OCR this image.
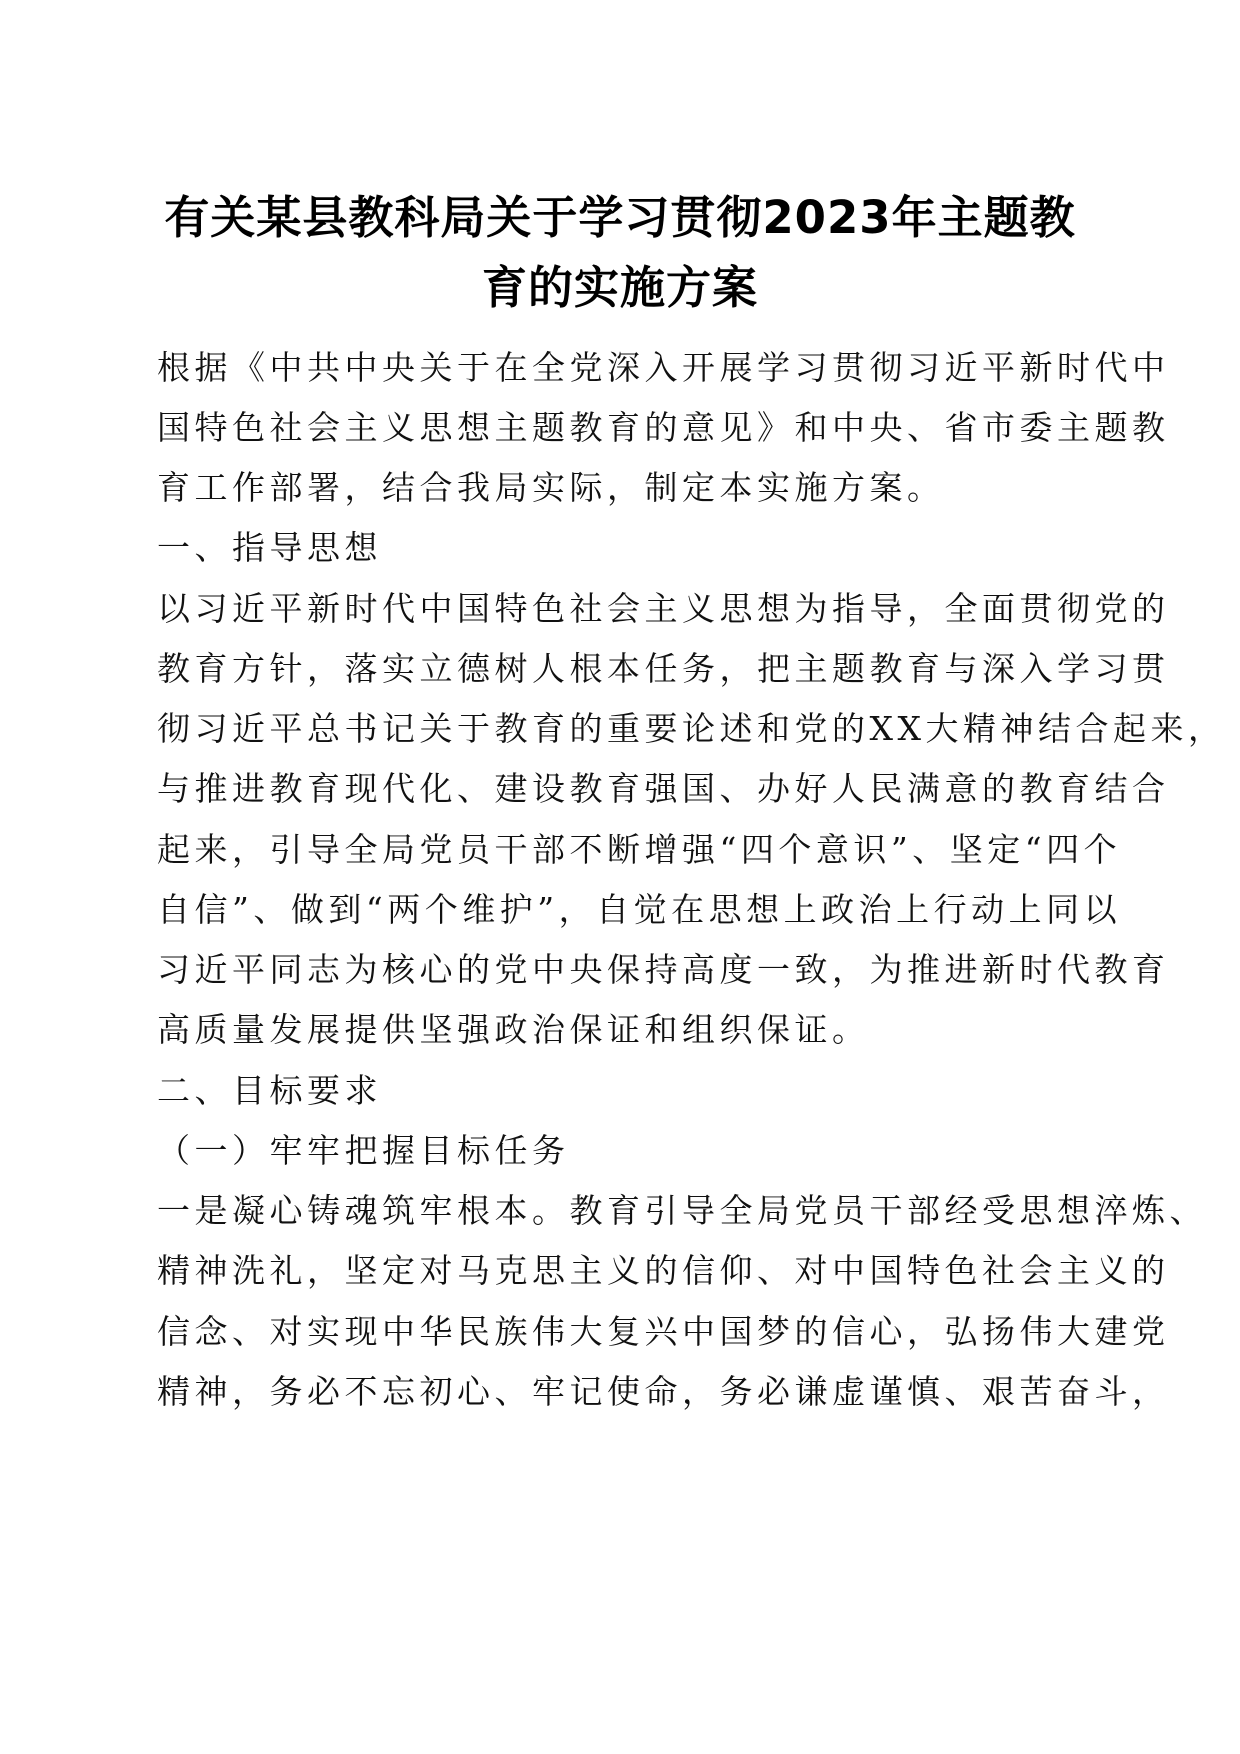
有关某县教科局关于学习贯彻2023年主题教
育的实施方案
根据《中共中央关于在全党深入开展学习贯彻习近平新时代中
国特色社会主义思想主题教育的意见》和中央、省市委主题教
育工作部署，结合我局实际，制定本实施方案。
一、指导思想
以习近平新时代中国特色社会主义思想为指导，全面贯彻党的
教育方针，落实立德树人根本任务，把主题教育与深入学习贯
彻习近平总书记关于教育的重要论述和党的XX大精神结合起来，
与推进教育现代化、建设教育强国、办好人民满意的教育结合
起来，引导全局党员干部不断增强“四个意识”、坚定“四个
自信”、做到“两个维护”，自觉在思想上政治上行动上同以
习近平同志为核心的党中央保持高度一致，为推进新时代教育
高质量发展提供坚强政治保证和组织保证。
二、目标要求
（一）牢牢把握目标任务
一是凝心铸魂筑牢根本。教育引导全局党员干部经受思想淬炼、
精神洗礼，坚定对马克思主义的信仰、对中国特色社会主义的
信念、对实现中华民族伟大复兴中国梦的信心，弘扬伟大建党
精神，务必不忘初心、牢记使命，务必谦虚谨慎、艰苦奋斗，
